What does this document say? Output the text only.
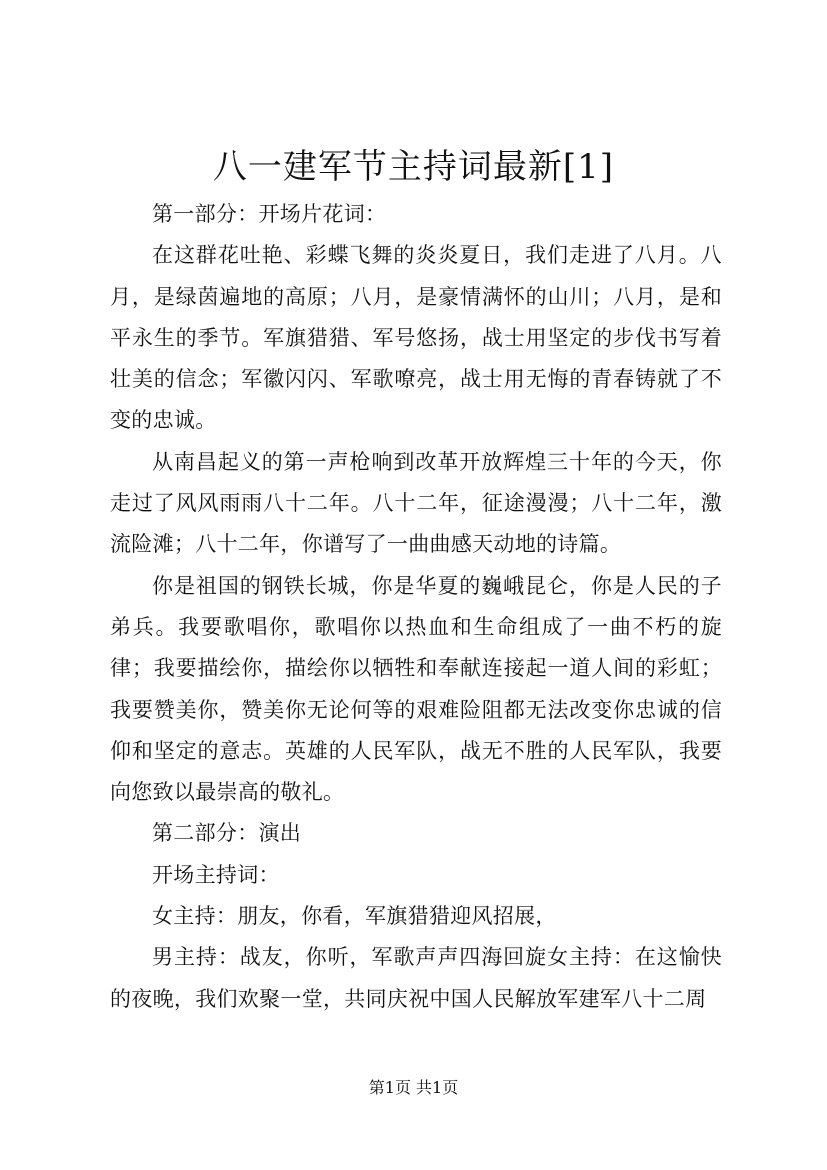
八一建军节主持词最新[1]

第一部分：开场片花词：

在这群花吐艳、彩蝶飞舞的炎炎夏日，我们走进了八月。八月，是绿茵遍地的高原；八月，是豪情满怀的山川；八月，是和平永生的季节。军旗猎猎、军号悠扬，战士用坚定的步伐书写着壮美的信念；军徽闪闪、军歌嘹亮，战士用无悔的青春铸就了不变的忠诚。

从南昌起义的第一声枪响到改革开放辉煌三十年的今天，你走过了风风雨雨八十二年。八十二年，征途漫漫；八十二年，激流险滩；八十二年，你谱写了一曲曲感天动地的诗篇。

你是祖国的钢铁长城，你是华夏的巍峨昆仑，你是人民的子弟兵。我要歌唱你，歌唱你以热血和生命组成了一曲不朽的旋律；我要描绘你，描绘你以牺牲和奉献连接起一道人间的彩虹；我要赞美你，赞美你无论何等的艰难险阻都无法改变你忠诚的信仰和坚定的意志。英雄的人民军队，战无不胜的人民军队，我要向您致以最崇高的敬礼。

第二部分：演出

开场主持词：

女主持：朋友，你看，军旗猎猎迎风招展，

男主持：战友，你听，军歌声声四海回旋女主持：在这愉快的夜晚，我们欢聚一堂，共同庆祝中国人民解放军建军八十二周

第1页 共1页
